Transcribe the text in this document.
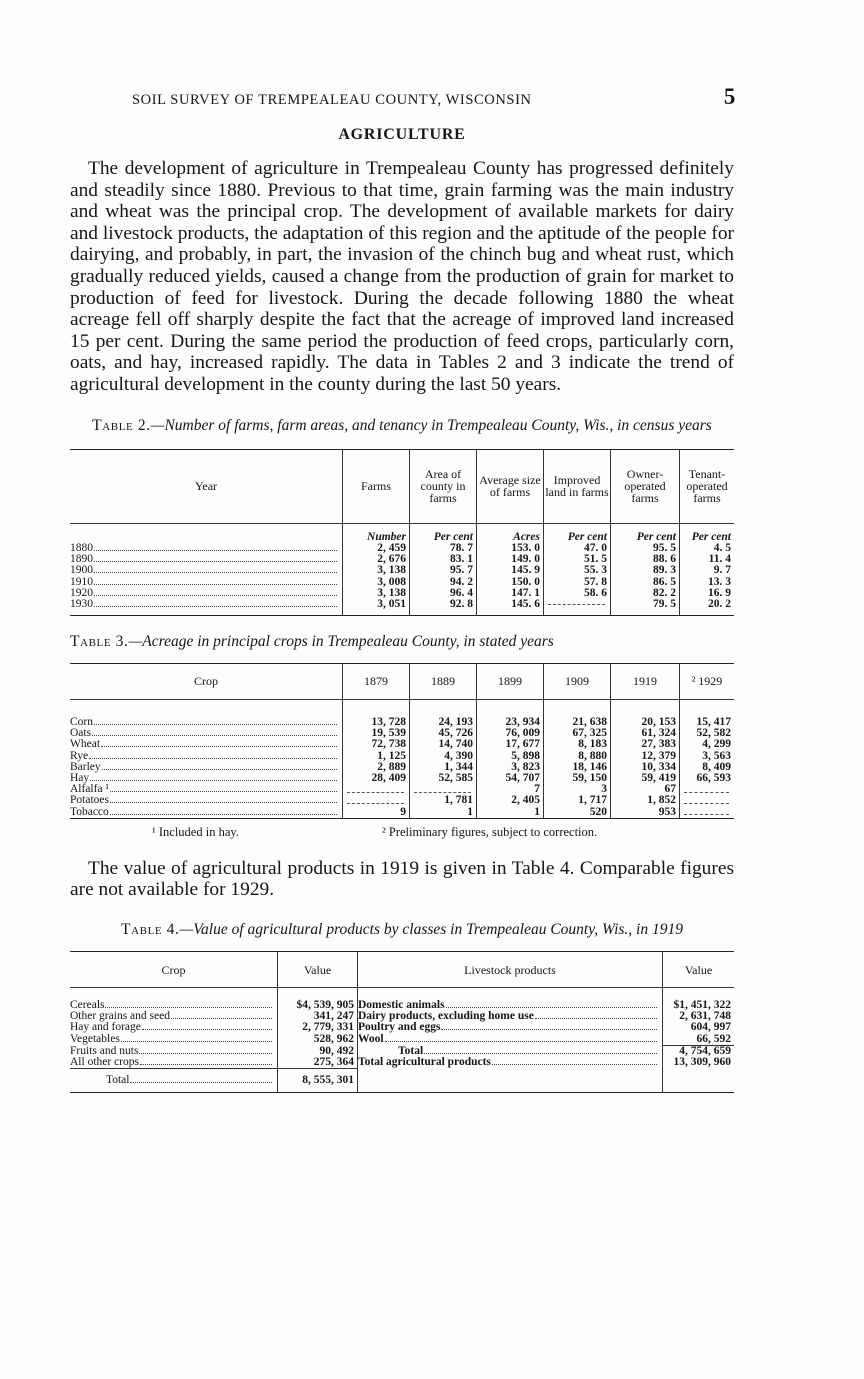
SOIL SURVEY OF TREMPEALEAU COUNTY, WISCONSIN	5
AGRICULTURE

The development of agriculture in Trempealeau County has progressed definitely and steadily since 1880. Previous to that time, grain farming was the main industry and wheat was the principal crop. The development of available markets for dairy and livestock products, the adaptation of this region and the aptitude of the people for dairying, and probably, in part, the invasion of the chinch bug and wheat rust, which gradually reduced yields, caused a change from the production of grain for market to production of feed for livestock. During the decade following 1880 the wheat acreage fell off sharply despite the fact that the acreage of improved land increased 15 per cent. During the same period the production of feed crops, particularly corn, oats, and hay, increased rapidly. The data in Tables 2 and 3 indicate the trend of agricultural development in the county during the last 50 years.

Table 2.—Number of farms, farm areas, and tenancy in Trempealeau County, Wis., in census years
Year	Farms	Area of county in farms	Average size of farms	Improved land in farms	Owner-operated farms	Tenant-operated farms
	Number	Per cent	Acres	Per cent	Per cent	Per cent

1880	2, 459	78. 7	153. 0	47. 0	95. 5	4. 5

1890	2, 676	83. 1	149. 0	51. 5	88. 6	11. 4

1900	3, 138	95. 7	145. 9	55. 3	89. 3	9. 7

1910	3, 008	94. 2	150. 0	57. 8	86. 5	13. 3

1920	3, 138	96. 4	147. 1	58. 6	82. 2	16. 9

1930	3, 051	92. 8	145. 6		79. 5	20. 2
Table 3.—Acreage in principal crops in Trempealeau County, in stated years
Crop	1879	1889	1899	1909	1919	² 1929

Corn	13, 728	24, 193	23, 934	21, 638	20, 153	15, 417

Oats	19, 539	45, 726	76, 009	67, 325	61, 324	52, 582

Wheat	72, 738	14, 740	17, 677	8, 183	27, 383	4, 299

Rye	1, 125	4, 390	5, 898	8, 880	12, 379	3, 563

Barley	2, 889	1, 344	3, 823	18, 146	10, 334	8, 409

Hay	28, 409	52, 585	54, 707	59, 150	59, 419	66, 593

Alfalfa ¹			7	3	67	

Potatoes		1, 781	2, 405	1, 717	1, 852	

Tobacco	9	1	1	520	953	
¹ Included in hay.	² Preliminary figures, subject to correction.

The value of agricultural products in 1919 is given in Table 4. Comparable figures are not available for 1929.

Table 4.—Value of agricultural products by classes in Trempealeau County, Wis., in 1919
Crop	Value	Livestock products	Value

Cereals	$4, 539, 905	Domestic animals	$1, 451, 322

Other grains and seed	341, 247	Dairy products, excluding home use	2, 631, 748

Hay and forage	2, 779, 331	Poultry and eggs	604, 997

Vegetables	528, 962	Wool	66, 592

Fruits and nuts	90, 492	Total	4, 754, 659

All other crops	275, 364	Total agricultural products	13, 309, 960

Total	8, 555, 301		
